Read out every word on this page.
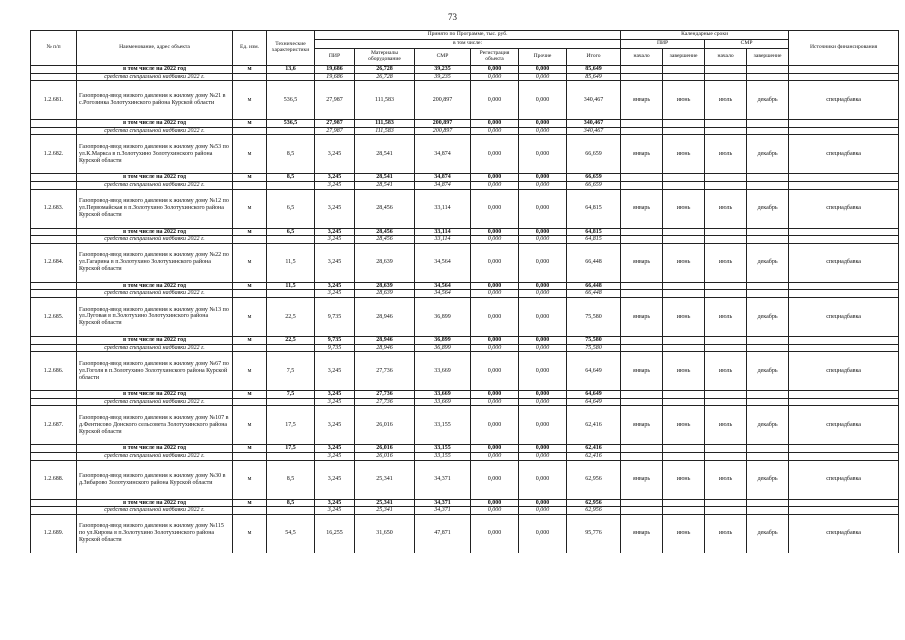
73
№ п/п	Наименование, адрес объекта	Ед. изм.	Технические характеристики	Принято по Программе, тыс. руб.						Календарные сроки				Источники финансирования
				в том числе:						ПИР		СМР		
				ПИР	Материалы оборудование	СМР	Регистрация объекта	Прочие	Итого	начало	завершение	начало	завершение	
	в том числе на 2022 год	м	13,6	19,686	26,728	39,235	0,000	0,000	85,649					
	средства специальной надбавки 2022 г.			19,686	26,728	39,235	0,000	0,000	85,649					
1.2.681.	Газопровод-ввод низкого давления к жилому дому №21 в с.Рогозинка Золотухинского района Курской области	м	536,5	27,987	111,583	200,897	0,000	0,000	340,467	январь	июнь	июль	декабрь	спецнадбавка
	в том числе на 2022 год	м	536,5	27,987	111,583	200,897	0,000	0,000	340,467					
	средства специальной надбавки 2022 г.			27,987	111,583	200,897	0,000	0,000	340,467					
1.2.682.	Газопровод-ввод низкого давления к жилому дому №53 по ул.К.Маркса в п.Золотухино Золотухинского района Курской области	м	8,5	3,245	28,541	34,874	0,000	0,000	66,659	январь	июнь	июль	декабрь	спецнадбавка
	в том числе на 2022 год	м	8,5	3,245	28,541	34,874	0,000	0,000	66,659					
	средства специальной надбавки 2022 г.			3,245	28,541	34,874	0,000	0,000	66,659					
1.2.683.	Газопровод-ввод низкого давления к жилому дому №12 по ул.Первомайская в п.Золотухино Золотухинского района Курской области	м	6,5	3,245	28,456	33,114	0,000	0,000	64,815	январь	июнь	июль	декабрь	спецнадбавка
	в том числе на 2022 год	м	6,5	3,245	28,456	33,114	0,000	0,000	64,815					
	средства специальной надбавки 2022 г.			3,245	28,456	33,114	0,000	0,000	64,815					
1.2.684.	Газопровод-ввод низкого давления к жилому дому №22 по ул.Гагарина в п.Золотухино Золотухинского района Курской области	м	11,5	3,245	28,639	34,564	0,000	0,000	66,448	январь	июнь	июль	декабрь	спецнадбавка
	в том числе на 2022 год	м	11,5	3,245	28,639	34,564	0,000	0,000	66,448					
	средства специальной надбавки 2022 г.			3,245	28,639	34,564	0,000	0,000	66,448					
1.2.685.	Газопровод-ввод низкого давления к жилому дому №13 по ул.Луговая в п.Золотухино Золотухинского района Курской области	м	22,5	9,735	28,946	36,899	0,000	0,000	75,580	январь	июнь	июль	декабрь	спецнадбавка
	в том числе на 2022 год	м	22,5	9,735	28,946	36,899	0,000	0,000	75,580					
	средства специальной надбавки 2022 г.			9,735	28,946	36,899	0,000	0,000	75,580					
1.2.686.	Газопровод-ввод низкого давления к жилому дому №67 по ул.Гоголя в п.Золотухино Золотухинского района Курской области	м	7,5	3,245	27,736	33,669	0,000	0,000	64,649	январь	июнь	июль	декабрь	спецнадбавка
	в том числе на 2022 год	м	7,5	3,245	27,736	33,669	0,000	0,000	64,649					
	средства специальной надбавки 2022 г.			3,245	27,736	33,669	0,000	0,000	64,649					
1.2.687.	Газопровод-ввод низкого давления к жилому дому №107 в д.Фентисово Донского сельсовета Золотухинского района Курской области	м	17,5	3,245	26,016	33,155	0,000	0,000	62,416	январь	июнь	июль	декабрь	спецнадбавка
	в том числе на 2022 год	м	17,5	3,245	26,016	33,155	0,000	0,000	62,416					
	средства специальной надбавки 2022 г.			3,245	26,016	33,155	0,000	0,000	62,416					
1.2.688.	Газопровод-ввод низкого давления к жилому дому №30 в д.Зибарово Золотухинского района Курской области	м	8,5	3,245	25,341	34,371	0,000	0,000	62,956	январь	июнь	июль	декабрь	спецнадбавка
	в том числе на 2022 год	м	8,5	3,245	25,341	34,371	0,000	0,000	62,956					
	средства специальной надбавки 2022 г.			3,245	25,341	34,371	0,000	0,000	62,956					
1.2.689.	Газопровод-ввод низкого давления к жилому дому №115 по ул.Кирова в п.Золотухино Золотухинского района Курской области	м	54,5	16,255	31,650	47,871	0,000	0,000	95,776	январь	июнь	июль	декабрь	спецнадбавка
